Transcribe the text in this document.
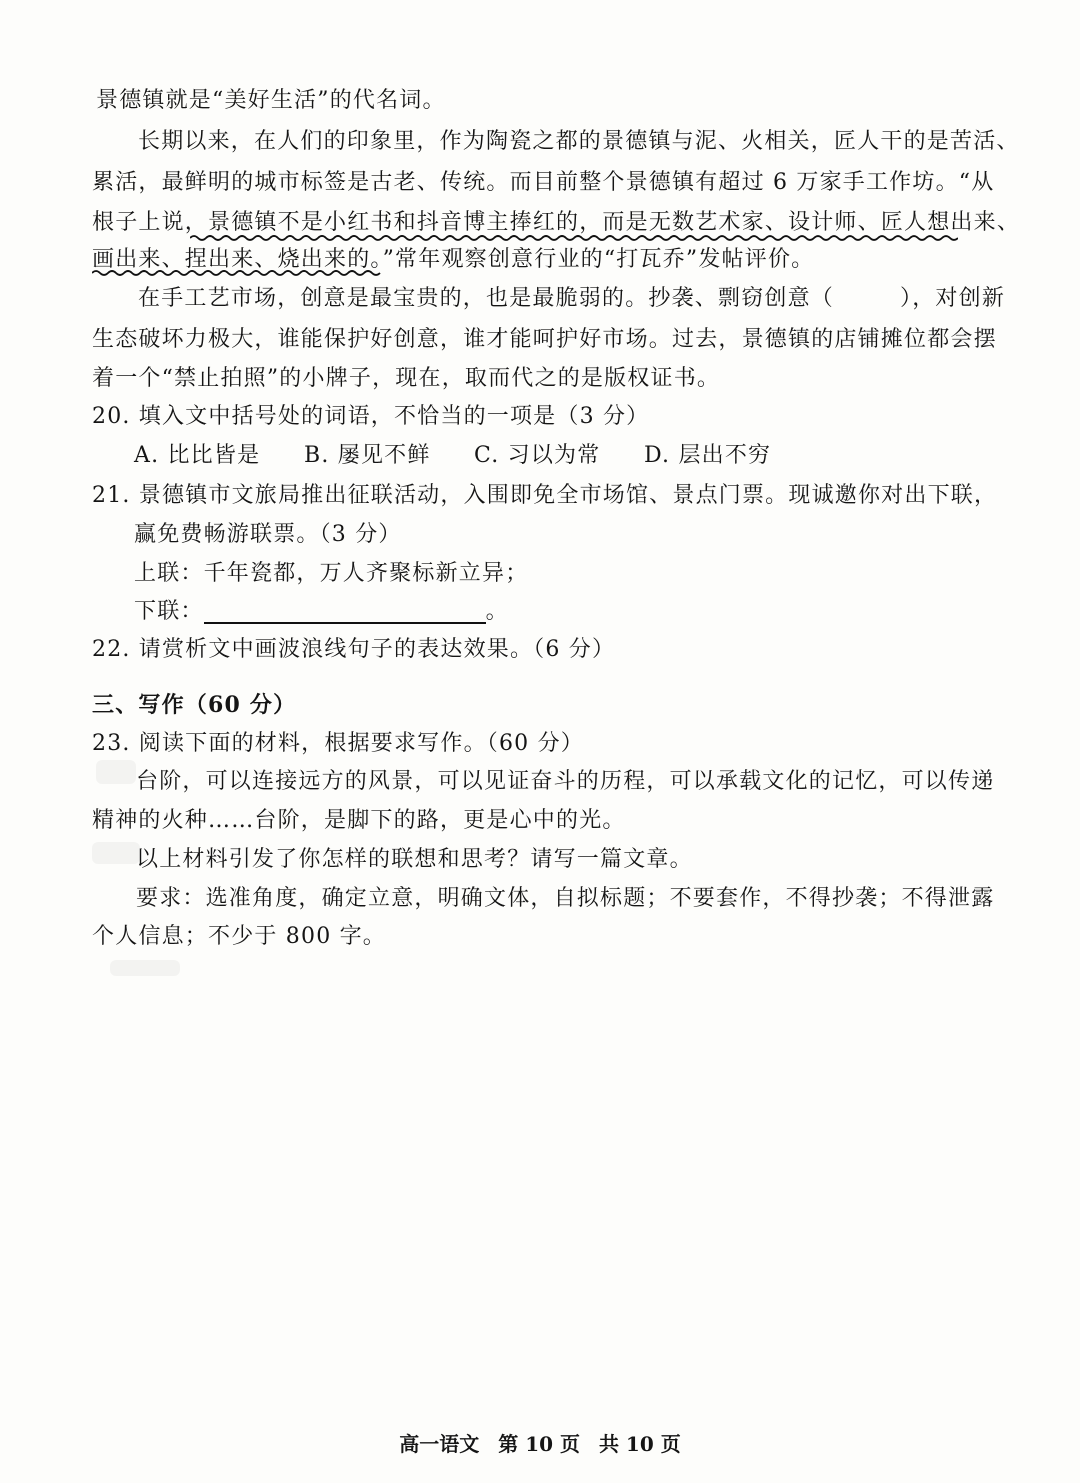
景德镇就是“美好生活”的代名词。
长期以来，在人们的印象里，作为陶瓷之都的景德镇与泥、火相关，匠人干的是苦活、
累活，最鲜明的城市标签是古老、传统。而目前整个景德镇有超过 6 万家手工作坊。“从
根子上说，景德镇不是小红书和抖音博主捧红的，而是无数艺术家、设计师、匠人想出来、
画出来、捏出来、烧出来的。”常年观察创意行业的“打瓦乔”发帖评价。
在手工艺市场，创意是最宝贵的，也是最脆弱的。抄袭、剽窃创意（	），对创新
生态破坏力极大，谁能保护好创意，谁才能呵护好市场。过去，景德镇的店铺摊位都会摆
着一个“禁止拍照”的小牌子，现在，取而代之的是版权证书。
20. 填入文中括号处的词语，不恰当的一项是（3 分）
A. 比比皆是 B. 屡见不鲜 C. 习以为常 D. 层出不穷
21. 景德镇市文旅局推出征联活动，入围即免全市场馆、景点门票。现诚邀你对出下联，
赢免费畅游联票。（3 分）
上联：千年瓷都，万人齐聚标新立异；
下联：	。
22. 请赏析文中画波浪线句子的表达效果。（6 分）
三、写作（60 分）
23. 阅读下面的材料，根据要求写作。（60 分）
台阶，可以连接远方的风景，可以见证奋斗的历程，可以承载文化的记忆，可以传递
精神的火种……台阶，是脚下的路，更是心中的光。
以上材料引发了你怎样的联想和思考？请写一篇文章。
要求：选准角度，确定立意，明确文体，自拟标题；不要套作，不得抄袭；不得泄露
个人信息；不少于 800 字。
高一语文 第 10 页 共 10 页
